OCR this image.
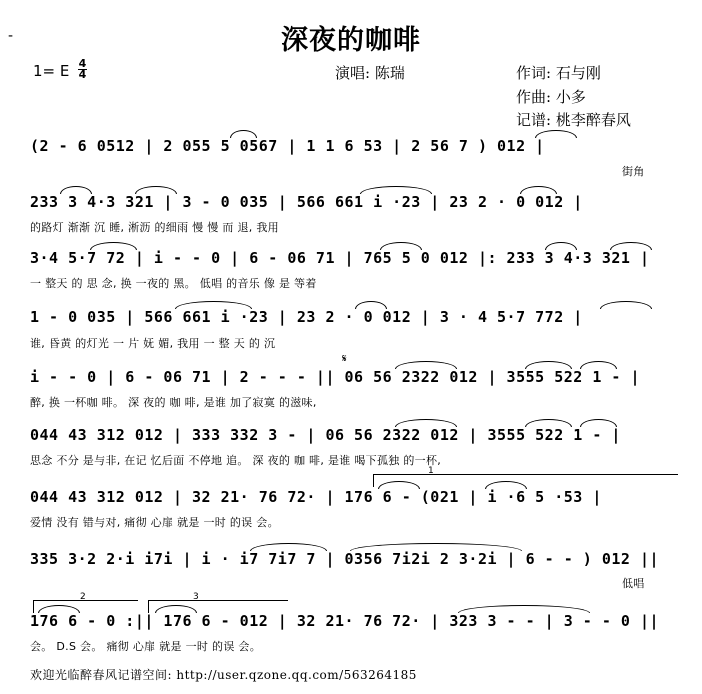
-	深夜的咖啡
1= E 4
4	演唱: 陈瑞	作词: 石与刚
作曲: 小多
记谱: 桃李醉春风
(2 - 6 0512 | 2 055 5 0567 | 1 1 6 53 | 2 56 7 ) 012 |
街角
233 3 4·3 321 | 3 - 0 035 | 566 661 i ·23 | 23 2 · 0 012 |
的路灯 渐渐 沉 睡, 淅沥 的细雨 慢 慢 而 退, 我用
3·4 5·7 72 | i - - 0 | 6 - 06 71 | 765 5 0 012 |: 233 3 4·3 321 |
一 整天 的 思 念, 换 一夜的 黑。 低唱 的音乐 像 是 等着
1 - 0 035 | 566 661 i ·23 | 23 2 · 0 012 | 3 · 4 5·7 772 |
谁, 昏黄 的灯光 一 片 妩 媚, 我用 一 整 天 的 沉
i - - 0 | 6 - 06 71 | 2 - - - || 06 56 2322 012 | 3555 522 1 - |
醉, 换 一杯咖 啡。 深 夜的 咖 啡, 是谁 加了寂寞 的滋味,
𝄋
044 43 312 012 | 333 332 3 - | 06 56 2322 012 | 3555 522 1 - |
思念 不分 是与非, 在记 忆后面 不停地 追。 深 夜的 咖 啡, 是谁 喝下孤独 的一杯,
1
044 43 312 012 | 32 21· 76 72· | 176 6 - (021 | i ·6 5 ·53 |
爱情 没有 错与对, 痛彻 心扉 就是 一时 的误 会。
335 3·2 2·i i7i | i · i7 7i7 7 | 0356 7i2i 2 3·2i | 6 - - ) 012 ||
低唱
2	3
176 6 - 0 :|| 176 6 - 012 | 32 21· 76 72· | 323 3 - - | 3 - - 0 ||
会。 D.S 会。 痛彻 心扉 就是 一时 的误 会。
欢迎光临醉春风记谱空间: http://user.qzone.qq.com/563264185
